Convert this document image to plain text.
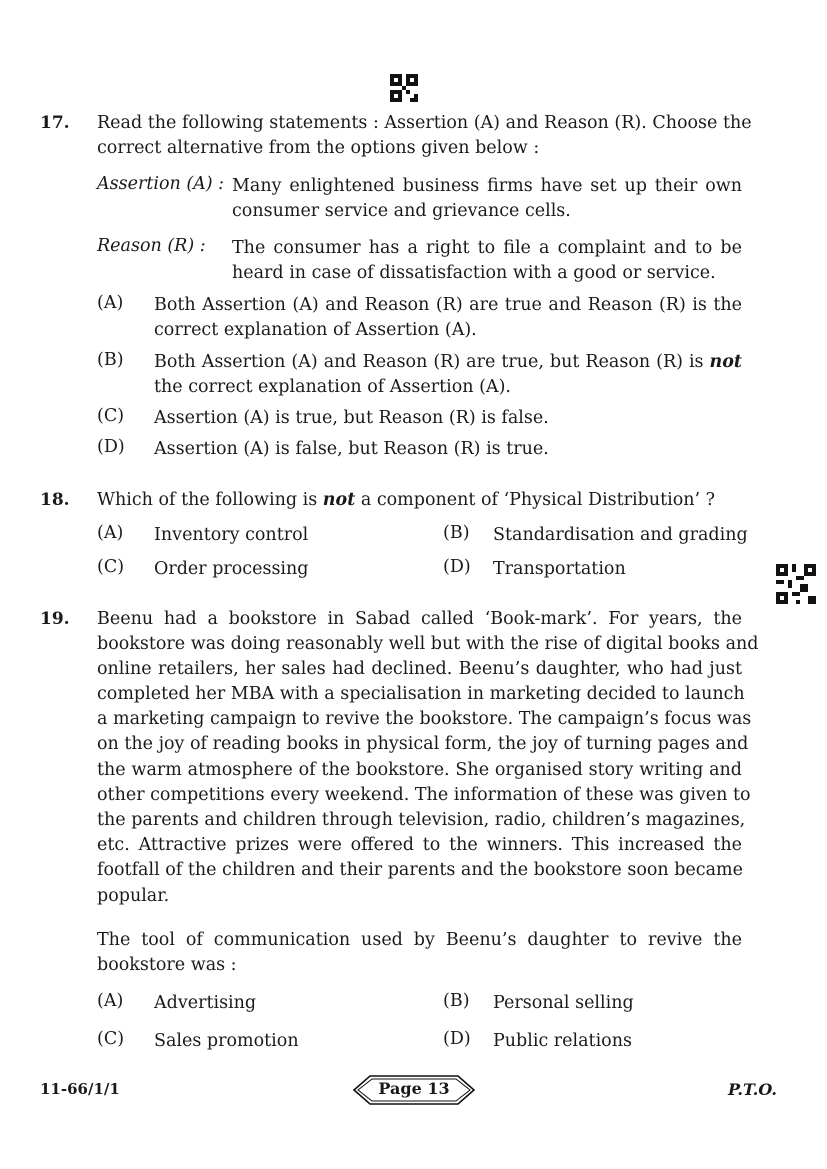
17. Read the following statements : Assertion (A) and Reason (R). Choose the
correct alternative from the options given below :
Assertion (A) : Many enlightened business firms have set up their own
consumer service and grievance cells.
Reason (R) : The consumer has a right to file a complaint and to be
heard in case of dissatisfaction with a good or service.
(A) Both Assertion (A) and Reason (R) are true and Reason (R) is the
correct explanation of Assertion (A).
(B) Both Assertion (A) and Reason (R) are true, but Reason (R) is not
the correct explanation of Assertion (A).
(C) Assertion (A) is true, but Reason (R) is false.
(D) Assertion (A) is false, but Reason (R) is true.
18. Which of the following is not a component of ‘Physical Distribution’ ?
(A) Inventory control	(B) Standardisation and grading
(C) Order processing	(D) Transportation
19. Beenu had a bookstore in Sabad called ‘Book-mark’. For years, the
bookstore was doing reasonably well but with the rise of digital books and
online retailers, her sales had declined. Beenu’s daughter, who had just
completed her MBA with a specialisation in marketing decided to launch
a marketing campaign to revive the bookstore. The campaign’s focus was
on the joy of reading books in physical form, the joy of turning pages and
the warm atmosphere of the bookstore. She organised story writing and
other competitions every weekend. The information of these was given to
the parents and children through television, radio, children’s magazines,
etc. Attractive prizes were offered to the winners. This increased the
footfall of the children and their parents and the bookstore soon became
popular.
The tool of communication used by Beenu’s daughter to revive the
bookstore was :
(A) Advertising	(B) Personal selling
(C) Sales promotion	(D) Public relations
11-66/1/1	Page 13	P.T.O.
